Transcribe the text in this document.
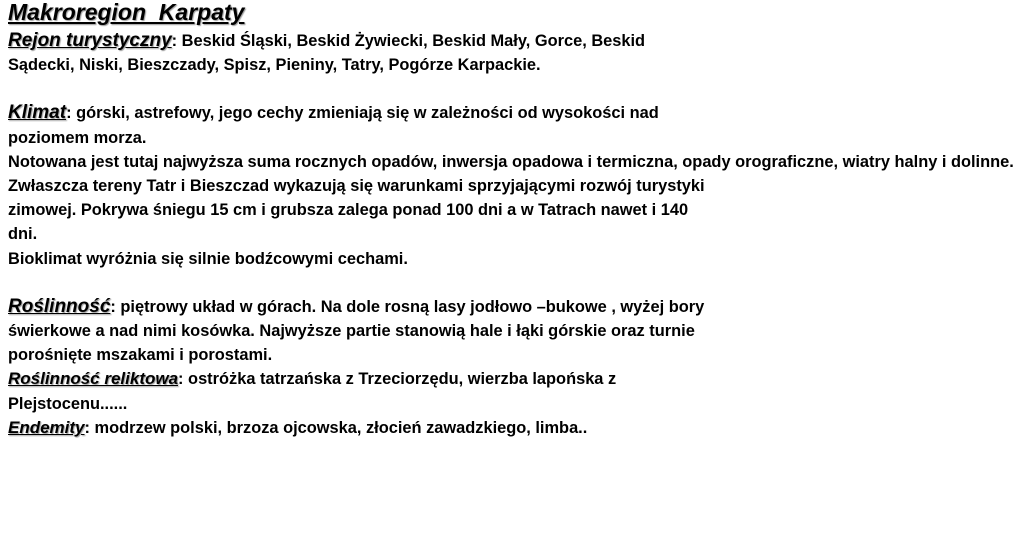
Makroregion  Karpaty

Rejon turystyczny: Beskid Śląski, Beskid Żywiecki, Beskid Mały, Gorce, Beskid Sądecki, Niski, Bieszczady, Spisz, Pieniny, Tatry, Pogórze Karpackie.

Klimat: górski, astrefowy, jego cechy zmieniają się w zależności od wysokości nad poziomem morza.

Notowana jest tutaj najwyższa suma rocznych opadów, inwersja opadowa i termiczna, opady orograficzne, wiatry halny i dolinne.

Zwłaszcza tereny Tatr i Bieszczad wykazują się warunkami sprzyjającymi rozwój turystyki zimowej. Pokrywa śniegu 15 cm i grubsza zalega ponad 100 dni a w Tatrach nawet i 140 dni.

Bioklimat wyróżnia się silnie bodźcowymi cechami.

Roślinność: piętrowy układ w górach. Na dole rosną lasy jodłowo –bukowe , wyżej bory świerkowe a nad nimi kosówka. Najwyższe partie stanowią hale i łąki górskie oraz turnie porośnięte mszakami i porostami.

Roślinność reliktowa: ostróżka tatrzańska z Trzeciorzędu, wierzba lapońska z Plejstocenu......

Endemity: modrzew polski, brzoza ojcowska, złocień zawadzkiego, limba..
